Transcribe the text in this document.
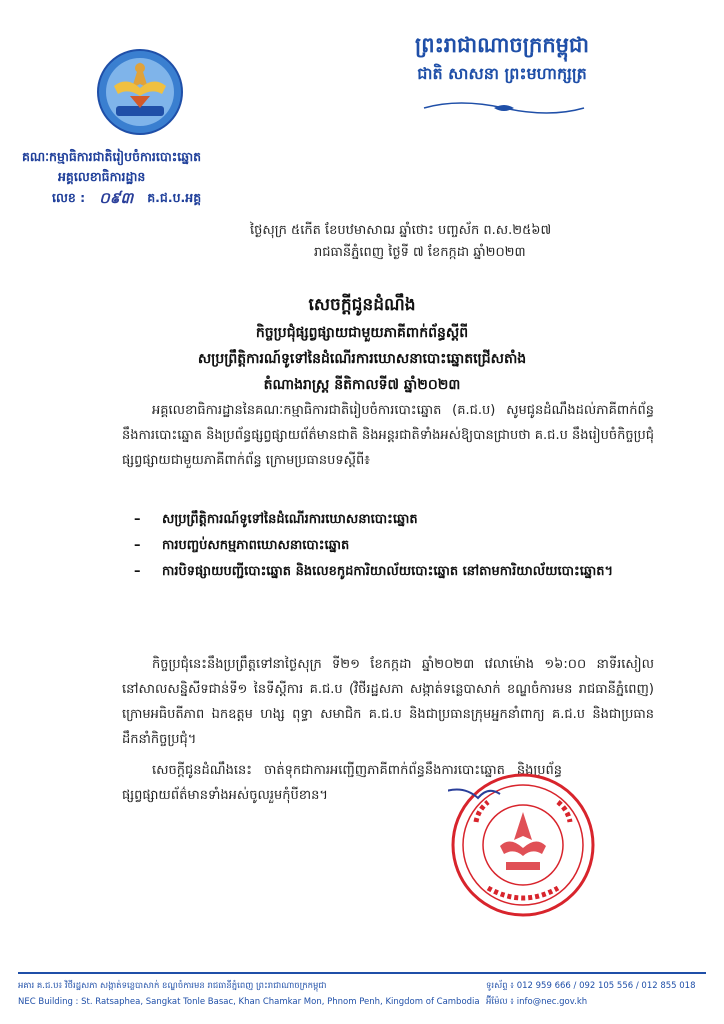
ព្រះរាជាណាចក្រកម្ពុជា
ជាតិ សាសនា ព្រះមហាក្សត្រ
គណៈកម្មាធិការជាតិរៀបចំការបោះឆ្នោត
អគ្គលេខាធិការដ្ឋាន
លេខ : ០៩៣ គ.ជ.ប.អគ្គ
ថ្ងៃសុក្រ ៥កើត ខែបឋមាសាឍ ឆ្នាំថោះ បញ្ចស័ក ព.ស.២៥៦៧
រាជធានីភ្នំពេញ ថ្ងៃទី ៧ ខែកក្កដា ឆ្នាំ២០២៣
សេចក្ដីជូនដំណឹង
កិច្ចប្រជុំផ្សព្វផ្សាយជាមួយភាគីពាក់ព័ន្ធស្ដីពី
សប្រព្រឹត្តិការណ៍ទូទៅនៃដំណើរការឃោសនាបោះឆ្នោតជ្រើសតាំង
តំណាងរាស្ត្រ នីតិកាលទី៧ ឆ្នាំ២០២៣
អគ្គលេខាធិការដ្ឋាននៃគណៈកម្មាធិការជាតិរៀបចំការបោះឆ្នោត (គ.ជ.ប) សូមជូនដំណឹងដល់ភាគីពាក់ព័ន្ធនឹងការបោះឆ្នោត និងប្រព័ន្ធផ្សព្វផ្សាយព័ត៌មានជាតិ និងអន្តរជាតិទាំងអស់ឱ្យបានជ្រាបថា គ.ជ.ប នឹងរៀបចំកិច្ចប្រជុំផ្សព្វផ្សាយជាមួយភាគីពាក់ព័ន្ធ ក្រោមប្រធានបទស្ដីពី៖
–	សប្រព្រឹត្តិការណ៍ទូទៅនៃដំណើរការឃោសនាបោះឆ្នោត
–	ការបញ្ចប់សកម្មភាពឃោសនាបោះឆ្នោត
–	ការបិទផ្សាយបញ្ជីបោះឆ្នោត និងលេខកូដការិយាល័យបោះឆ្នោត នៅតាមការិយាល័យបោះឆ្នោត។
កិច្ចប្រជុំនេះនឹងប្រព្រឹត្តទៅនាថ្ងៃសុក្រ ទី២១ ខែកក្កដា ឆ្នាំ២០២៣ វេលាម៉ោង ១៦:០០ នាទីរសៀល នៅសាលសន្និសីទជាន់ទី១ នៃទីស្ដីការ គ.ជ.ប (វិថីរដ្ឋសភា សង្កាត់ទន្លេបាសាក់ ខណ្ឌចំការមន រាជធានីភ្នំពេញ) ក្រោមអធិបតីភាព ឯកឧត្ដម ហង្ស ពុទ្ធា សមាជិក គ.ជ.ប និងជាប្រធានក្រុមអ្នកនាំពាក្យ គ.ជ.ប និងជាប្រធានដឹកនាំកិច្ចប្រជុំ។
សេចក្ដីជូនដំណឹងនេះ ចាត់ទុកជាការអញ្ជើញភាគីពាក់ព័ន្ធនឹងការបោះឆ្នោត និងប្រព័ន្ធផ្សព្វផ្សាយព័ត៌មានទាំងអស់ចូលរួមកុំបីខាន។
អគារ គ.ជ.ប៖ វិថីរដ្ឋសភា សង្កាត់ទន្លេបាសាក់ ខណ្ឌចំការមន រាជធានីភ្នំពេញ ព្រះរាជាណាចក្រកម្ពុជា	ទូរស័ព្ទ ៖ 012 959 666 / 092 105 556 / 012 855 018
NEC Building : St. Ratsaphea, Sangkat Tonle Basac, Khan Chamkar Mon, Phnom Penh, Kingdom of Cambodia អ៊ីម៉ែល ៖ info@nec.gov.kh
